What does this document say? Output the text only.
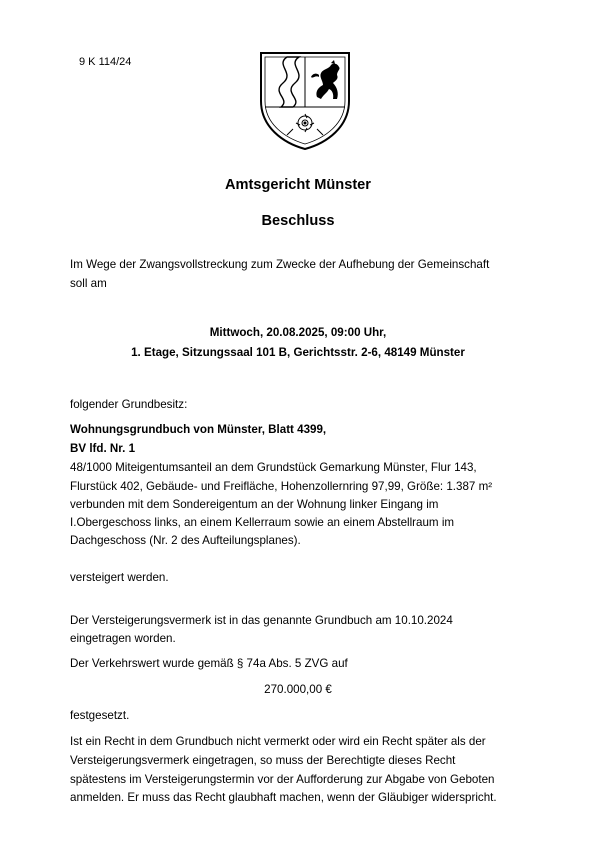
9 K 114/24
Amtsgericht Münster
Beschluss
Im Wege der Zwangsvollstreckung zum Zwecke der Aufhebung der Gemeinschaft
soll am
Mittwoch, 20.08.2025, 09:00 Uhr,
1. Etage, Sitzungssaal 101 B, Gerichtsstr. 2-6, 48149 Münster
folgender Grundbesitz:
Wohnungsgrundbuch von Münster, Blatt 4399,
BV lfd. Nr. 1
48/1000 Miteigentumsanteil an dem Grundstück Gemarkung Münster, Flur 143,
Flurstück 402, Gebäude- und Freifläche, Hohenzollernring 97,99, Größe: 1.387 m²
verbunden mit dem Sondereigentum an der Wohnung linker Eingang im
I.Obergeschoss links, an einem Kellerraum sowie an einem Abstellraum im
Dachgeschoss (Nr. 2 des Aufteilungsplanes).
versteigert werden.
Der Versteigerungsvermerk ist in das genannte Grundbuch am 10.10.2024
eingetragen worden.
Der Verkehrswert wurde gemäß § 74a Abs. 5 ZVG auf
270.000,00 €
festgesetzt.
Ist ein Recht in dem Grundbuch nicht vermerkt oder wird ein Recht später als der
Versteigerungsvermerk eingetragen, so muss der Berechtigte dieses Recht
spätestens im Versteigerungstermin vor der Aufforderung zur Abgabe von Geboten
anmelden. Er muss das Recht glaubhaft machen, wenn der Gläubiger widerspricht.
